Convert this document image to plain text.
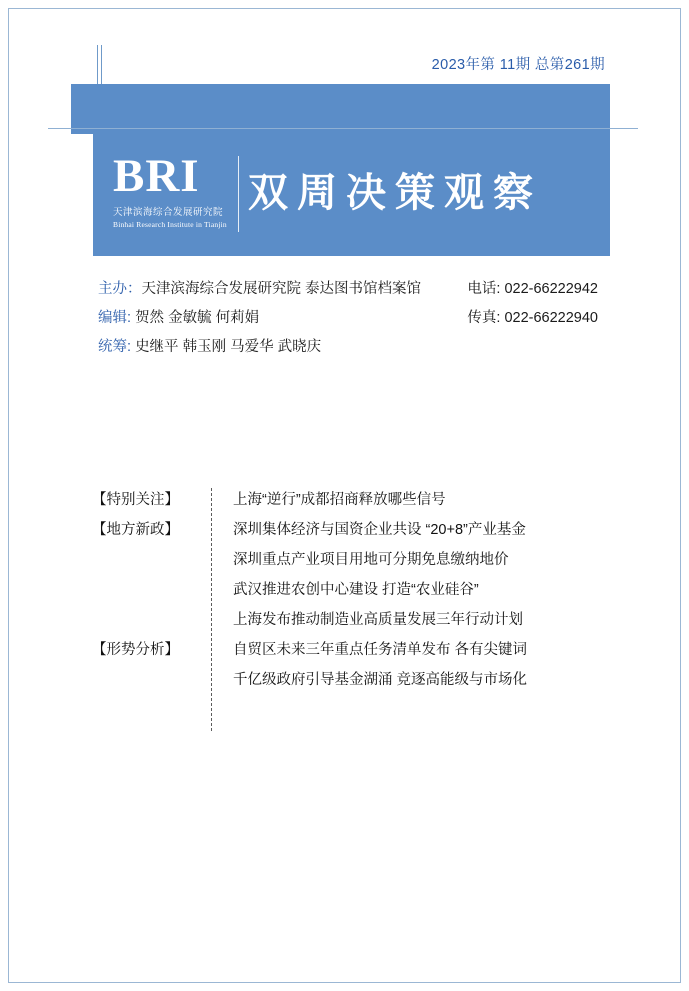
2023年第 11期 总第261期
BRI
天津滨海综合发展研究院
Binhai Research Institute in Tianjin
双周决策观察
主办：天津滨海综合发展研究院 泰达图书馆档案馆	电话: 022-66222942
编辑: 贺然 金敏毓 何莉娟	传真: 022-66222940
统筹: 史继平 韩玉刚 马爱华 武晓庆
【特别关注】	上海“逆行”成都招商释放哪些信号
【地方新政】	深圳集体经济与国资企业共设 “20+8”产业基金
深圳重点产业项目用地可分期免息缴纳地价
武汉推进农创中心建设 打造“农业硅谷”
上海发布推动制造业高质量发展三年行动计划
【形势分析】	自贸区未来三年重点任务清单发布 各有尖键词
千亿级政府引导基金湖涌 竞逐高能级与市场化
